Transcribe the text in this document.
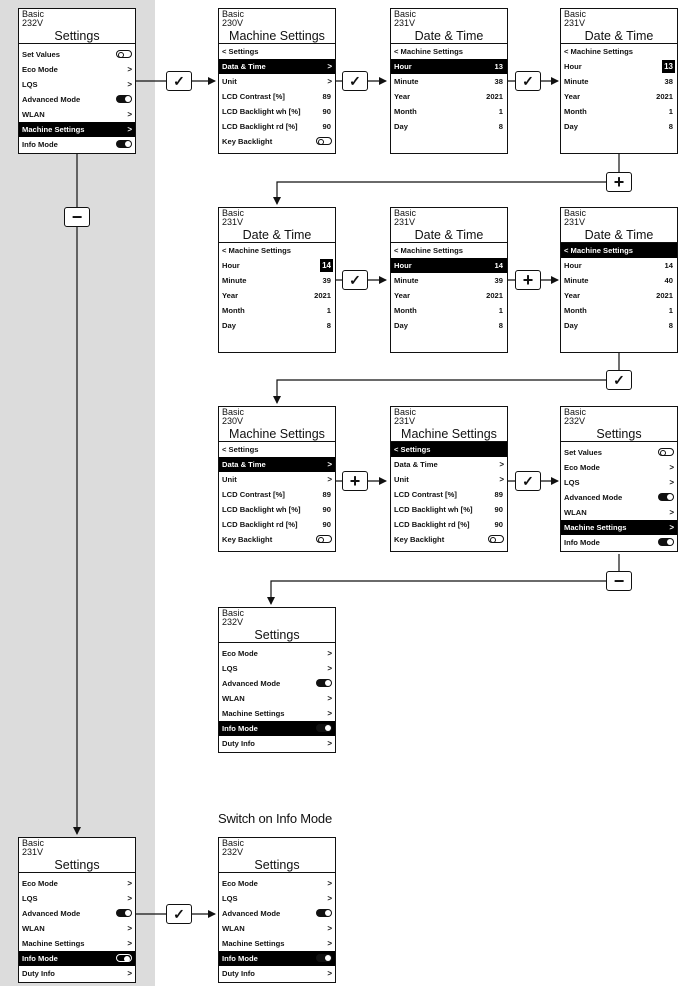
Basic
232V
Settings
Set Values
Eco Mode	>
LQS	>
Advanced Mode
WLAN	>
Machine Settings	>
Info Mode
Basic
230V
Machine Settings
< Settings
Data & Time	>
Unit	>
LCD Contrast [%]	89
LCD Backlight wh [%]	90
LCD Backlight rd [%]	90
Key Backlight
Basic
231V
Date & Time
< Machine Settings
Hour	13
Minute	38
Year	2021
Month	1
Day	8
Basic
231V
Date & Time
< Machine Settings
Hour	13
Minute	38
Year	2021
Month	1
Day	8
Basic
231V
Date & Time
< Machine Settings
Hour	14
Minute	39
Year	2021
Month	1
Day	8
Basic
231V
Date & Time
< Machine Settings
Hour	14
Minute	39
Year	2021
Month	1
Day	8
Basic
231V
Date & Time
< Machine Settings
Hour	14
Minute	40
Year	2021
Month	1
Day	8
Basic
230V
Machine Settings
< Settings
Data & Time	>
Unit	>
LCD Contrast [%]	89
LCD Backlight wh [%]	90
LCD Backlight rd [%]	90
Key Backlight
Basic
231V
Machine Settings
< Settings
Data & Time	>
Unit	>
LCD Contrast [%]	89
LCD Backlight wh [%]	90
LCD Backlight rd [%]	90
Key Backlight
Basic
232V
Settings
Set Values
Eco Mode	>
LQS	>
Advanced Mode
WLAN	>
Machine Settings	>
Info Mode
Basic
232V
Settings
Eco Mode	>
LQS	>
Advanced Mode
WLAN	>
Machine Settings	>
Info Mode
Duty Info	>
Basic
231V
Settings
Eco Mode	>
LQS	>
Advanced Mode
WLAN	>
Machine Settings	>
Info Mode
Duty Info	>
Basic
232V
Settings
Eco Mode	>
LQS	>
Advanced Mode
WLAN	>
Machine Settings	>
Info Mode
Duty Info	>
✓	✓	✓
+
−
✓	+
✓
+	✓
−
✓
Switch on Info Mode
